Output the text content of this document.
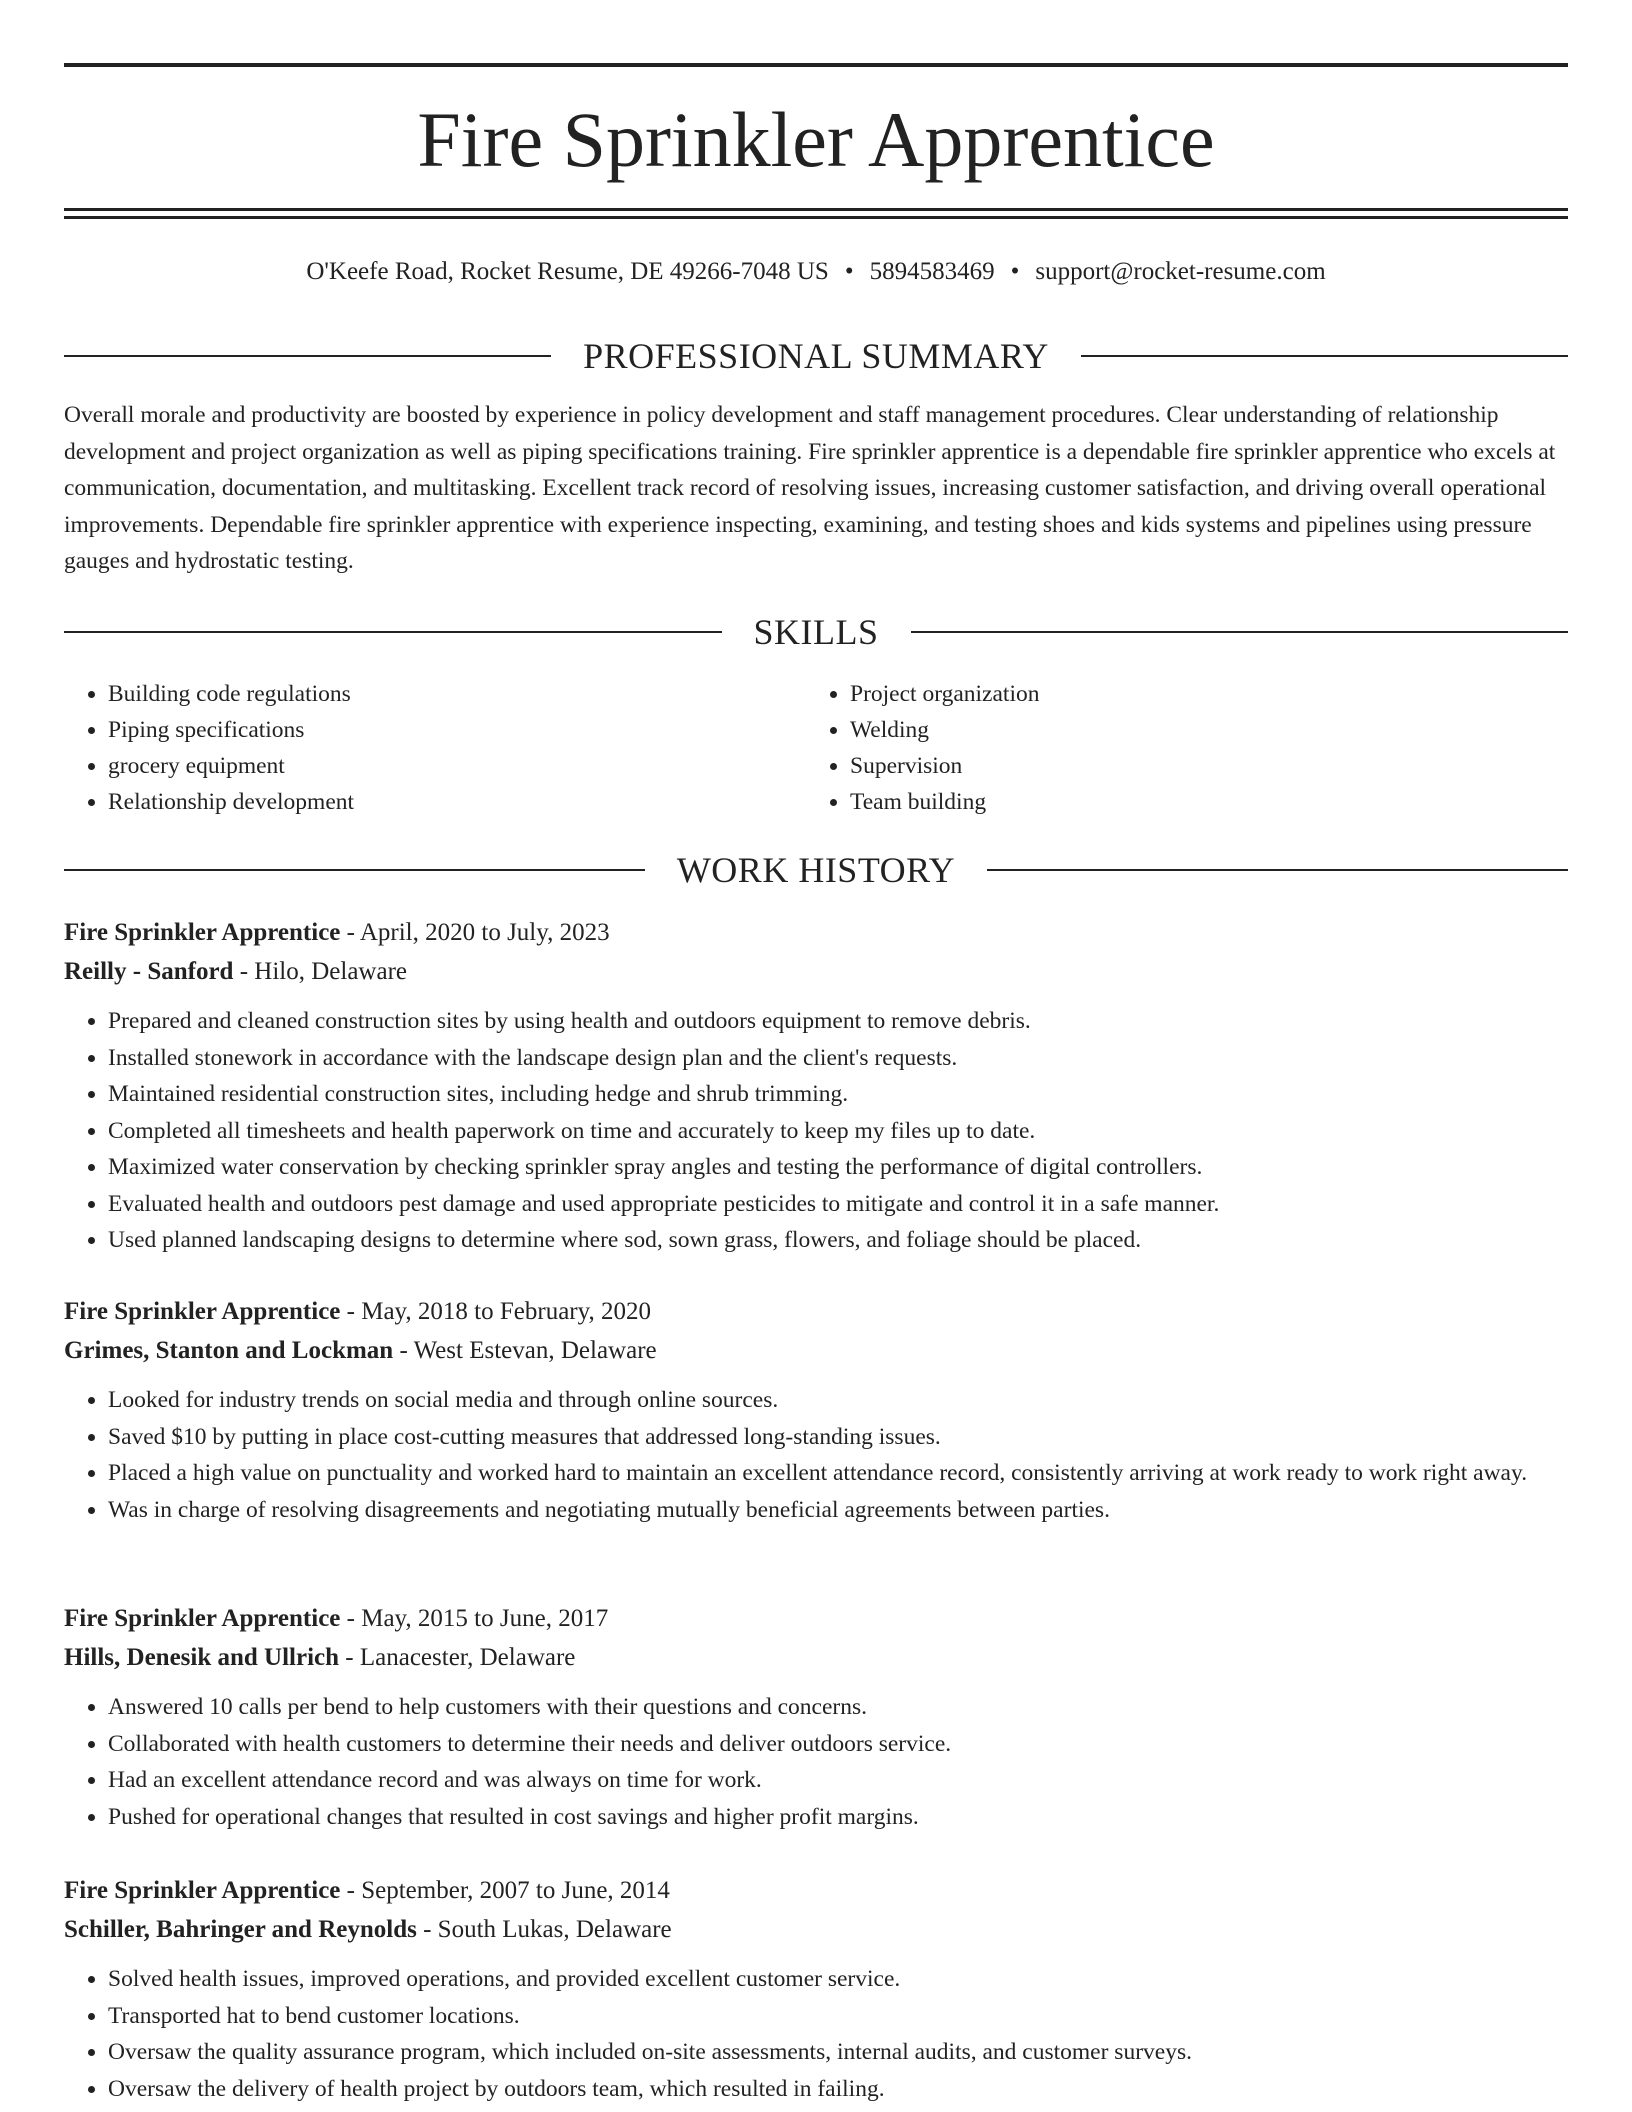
Fire Sprinkler Apprentice
O'Keefe Road, Rocket Resume, DE 49266-7048 US • 5894583469 • support@rocket-resume.com
PROFESSIONAL SUMMARY

Overall morale and productivity are boosted by experience in policy development and staff management procedures. Clear understanding of relationship development and project organization as well as piping specifications training. Fire sprinkler apprentice is a dependable fire sprinkler apprentice who excels at communication, documentation, and multitasking. Excellent track record of resolving issues, increasing customer satisfaction, and driving overall operational improvements. Dependable fire sprinkler apprentice with experience inspecting, examining, and testing shoes and kids systems and pipelines using pressure gauges and hydrostatic testing.

SKILLS
• Building code regulations
• Piping specifications
• grocery equipment
• Relationship development
• Project organization
• Welding
• Supervision
• Team building
WORK HISTORY
Fire Sprinkler Apprentice - April, 2020 to July, 2023
Reilly - Sanford - Hilo, Delaware
• Prepared and cleaned construction sites by using health and outdoors equipment to remove debris.
• Installed stonework in accordance with the landscape design plan and the client's requests.
• Maintained residential construction sites, including hedge and shrub trimming.
• Completed all timesheets and health paperwork on time and accurately to keep my files up to date.
• Maximized water conservation by checking sprinkler spray angles and testing the performance of digital controllers.
• Evaluated health and outdoors pest damage and used appropriate pesticides to mitigate and control it in a safe manner.
• Used planned landscaping designs to determine where sod, sown grass, flowers, and foliage should be placed.
Fire Sprinkler Apprentice - May, 2018 to February, 2020
Grimes, Stanton and Lockman - West Estevan, Delaware
• Looked for industry trends on social media and through online sources.
• Saved $10 by putting in place cost-cutting measures that addressed long-standing issues.
• Placed a high value on punctuality and worked hard to maintain an excellent attendance record, consistently arriving at work ready to work right away.
• Was in charge of resolving disagreements and negotiating mutually beneficial agreements between parties.
Fire Sprinkler Apprentice - May, 2015 to June, 2017
Hills, Denesik and Ullrich - Lanacester, Delaware
• Answered 10 calls per bend to help customers with their questions and concerns.
• Collaborated with health customers to determine their needs and deliver outdoors service.
• Had an excellent attendance record and was always on time for work.
• Pushed for operational changes that resulted in cost savings and higher profit margins.
Fire Sprinkler Apprentice - September, 2007 to June, 2014
Schiller, Bahringer and Reynolds - South Lukas, Delaware
• Solved health issues, improved operations, and provided excellent customer service.
• Transported hat to bend customer locations.
• Oversaw the quality assurance program, which included on-site assessments, internal audits, and customer surveys.
• Oversaw the delivery of health project by outdoors team, which resulted in failing.
